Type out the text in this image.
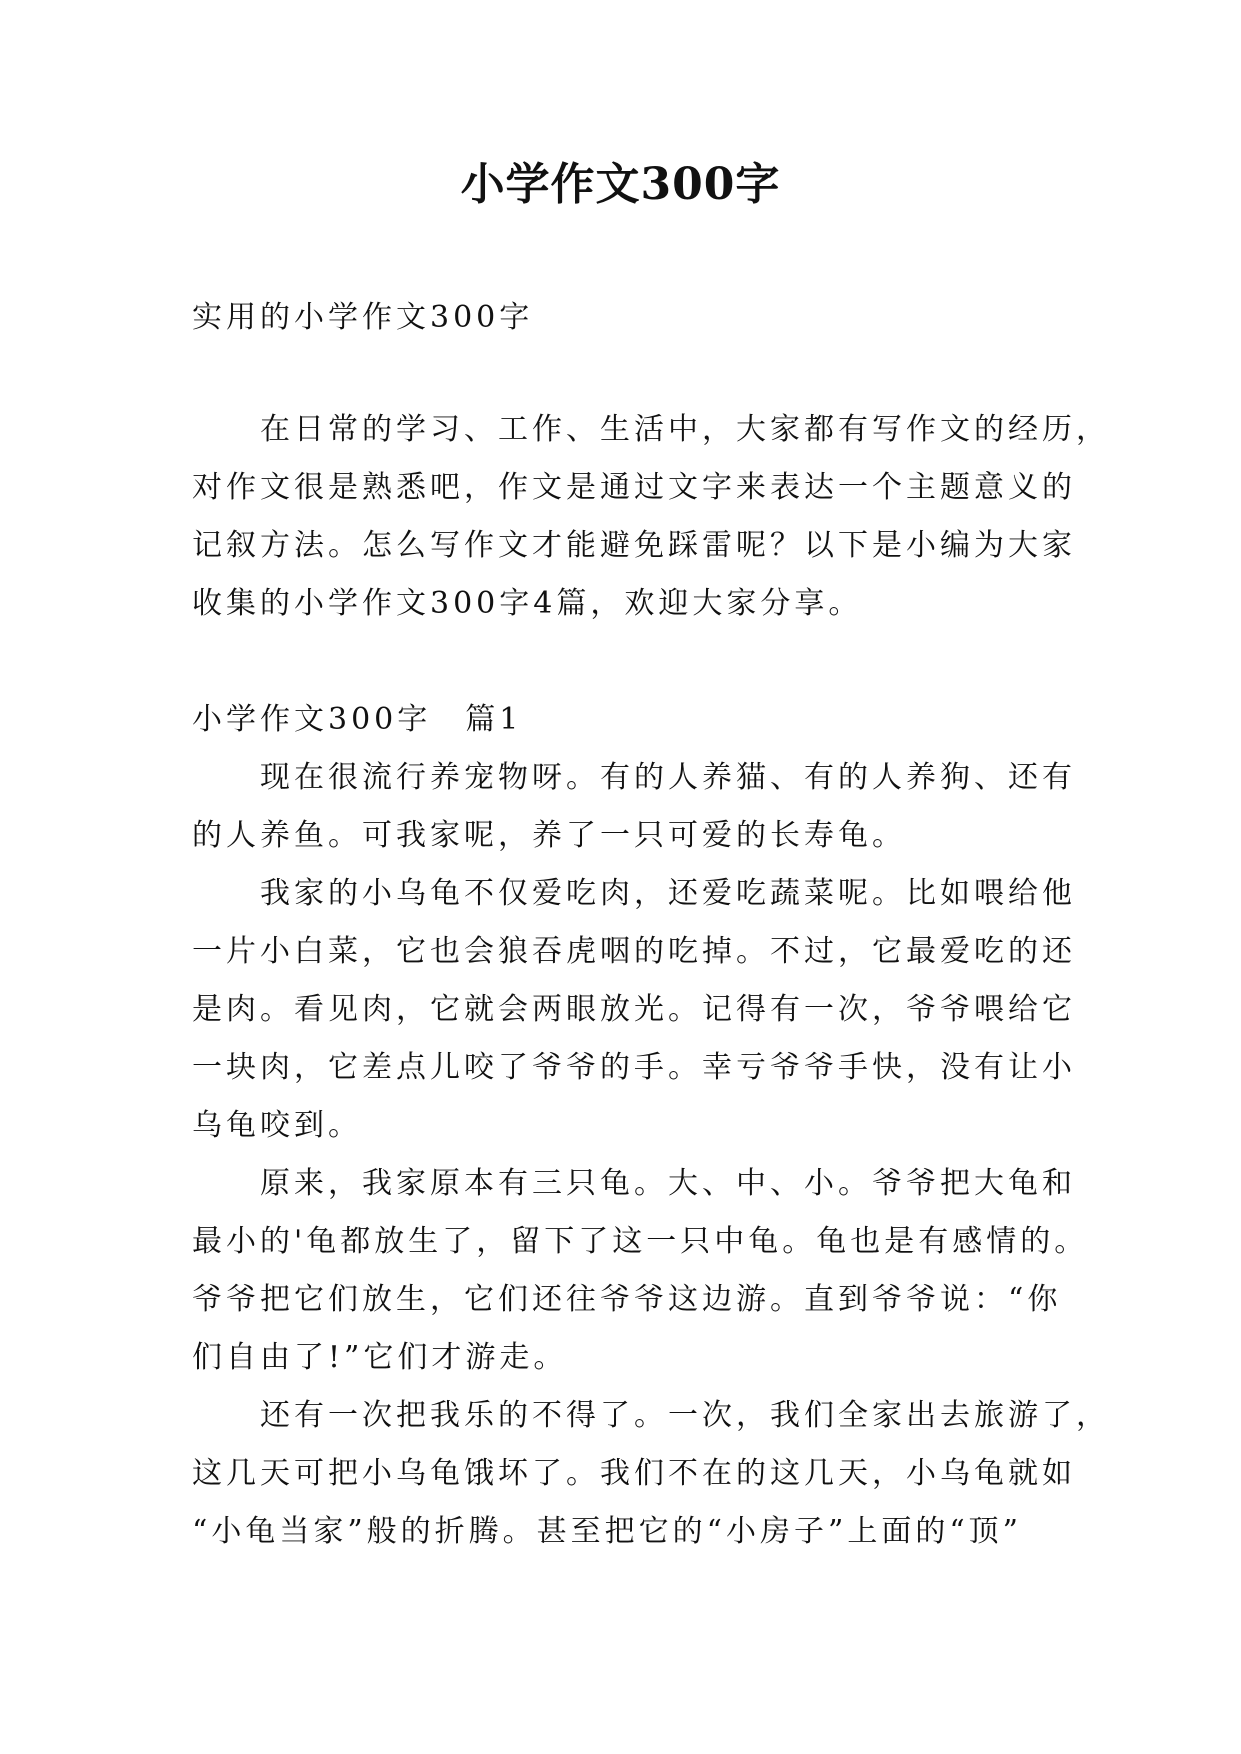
小学作文300字
实用的小学作文300字
　　在日常的学习、工作、生活中，大家都有写作文的经历，
对作文很是熟悉吧，作文是通过文字来表达一个主题意义的
记叙方法。怎么写作文才能避免踩雷呢？以下是小编为大家
收集的小学作文300字4篇，欢迎大家分享。
小学作文300字　篇1
　　现在很流行养宠物呀。有的人养猫、有的人养狗、还有
的人养鱼。可我家呢，养了一只可爱的长寿龟。
　　我家的小乌龟不仅爱吃肉，还爱吃蔬菜呢。比如喂给他
一片小白菜，它也会狼吞虎咽的吃掉。不过，它最爱吃的还
是肉。看见肉，它就会两眼放光。记得有一次，爷爷喂给它
一块肉，它差点儿咬了爷爷的手。幸亏爷爷手快，没有让小
乌龟咬到。
　　原来，我家原本有三只龟。大、中、小。爷爷把大龟和
最小的'龟都放生了，留下了这一只中龟。龟也是有感情的。
爷爷把它们放生，它们还往爷爷这边游。直到爷爷说：“你
们自由了!”它们才游走。
　　还有一次把我乐的不得了。一次，我们全家出去旅游了，
这几天可把小乌龟饿坏了。我们不在的这几天，小乌龟就如
“小龟当家”般的折腾。甚至把它的“小房子”上面的“顶”
